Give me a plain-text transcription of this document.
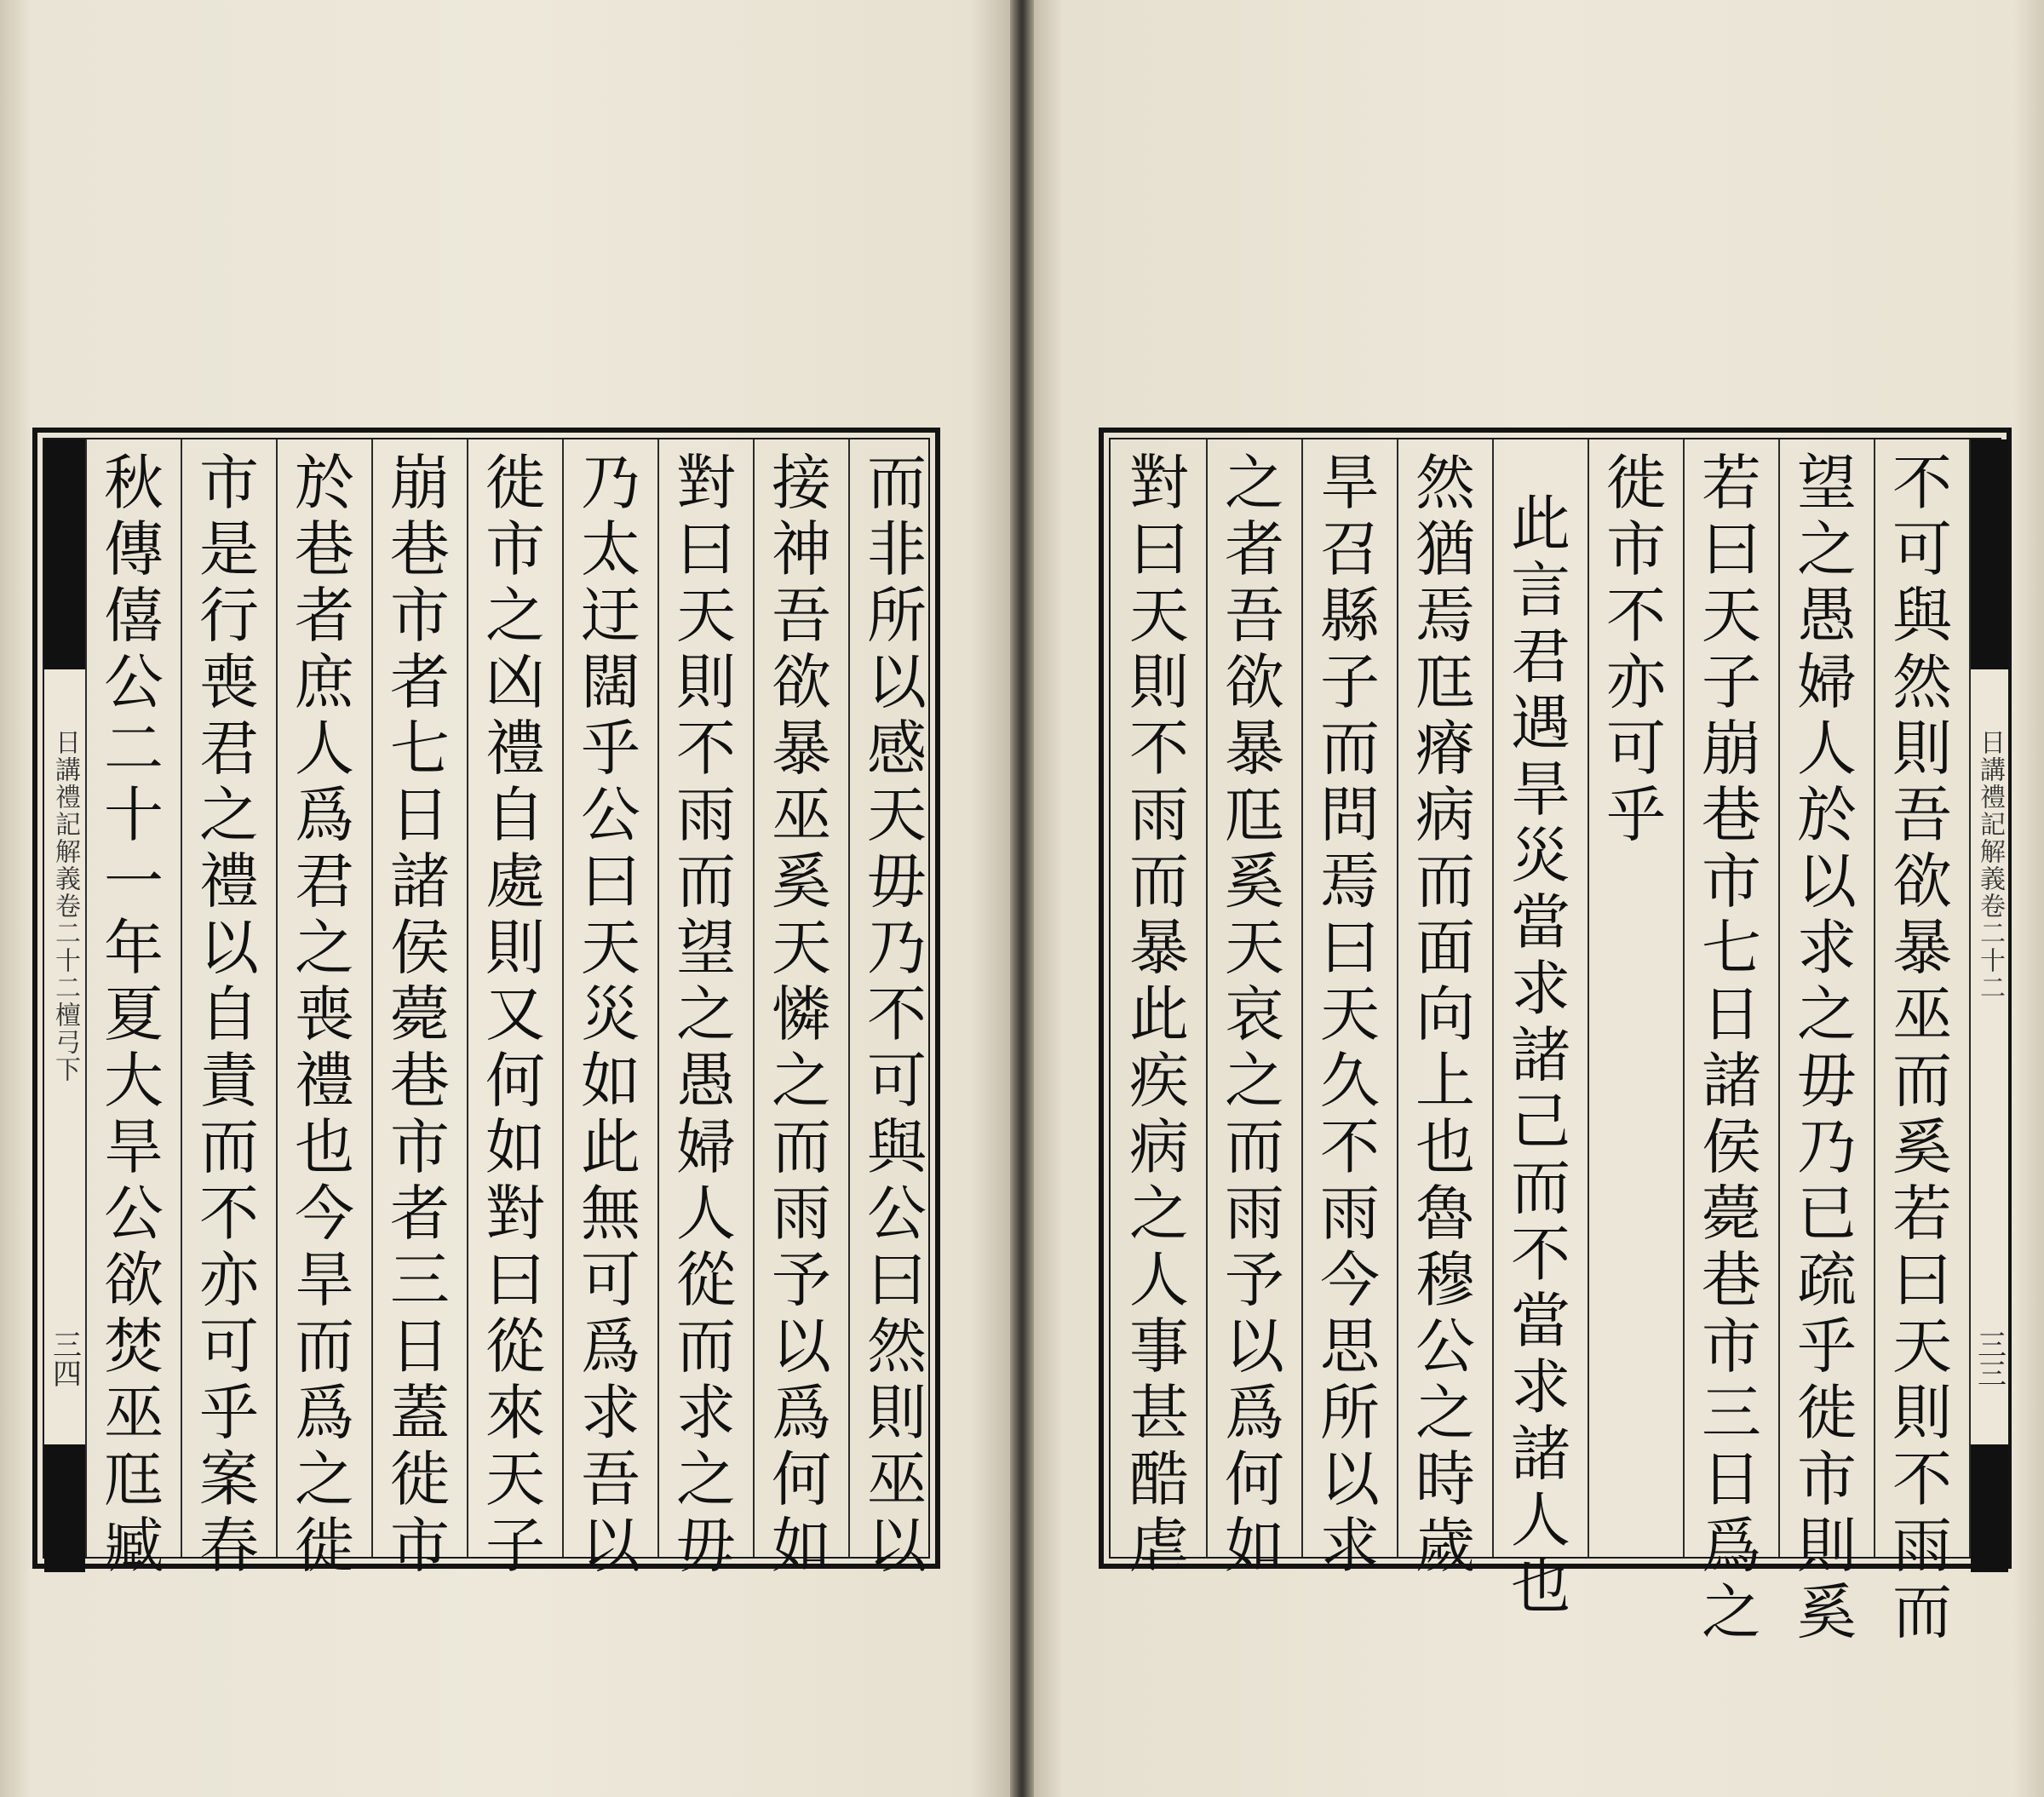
日講禮記解義卷二十二檀弓下
三四
秋
傳
僖
公
二
十
一
年
夏
大
旱
公
欲
焚
巫
尫
臧
市
是
行
喪
君
之
禮
以
自
責
而
不
亦
可
乎
案
春
於
巷
者
庶
人
爲
君
之
喪
禮
也
今
旱
而
爲
之
徙
崩
巷
市
者
七
日
諸
侯
薨
巷
市
者
三
日
蓋
徙
市
徙
市
之
凶
禮
自
處
則
又
何
如
對
曰
從
來
天
子
乃
太
迂
闊
乎
公
曰
天
災
如
此
無
可
爲
求
吾
以
對
曰
天
則
不
雨
而
望
之
愚
婦
人
從
而
求
之
毋
接
神
吾
欲
暴
巫
奚
天
憐
之
而
雨
予
以
爲
何
如
而
非
所
以
感
天
毋
乃
不
可
與
公
曰
然
則
巫
以
對
曰
天
則
不
雨
而
暴
此
疾
病
之
人
事
甚
酷
虐
之
者
吾
欲
暴
尫
奚
天
哀
之
而
雨
予
以
爲
何
如
旱
召
縣
子
而
問
焉
曰
天
久
不
雨
今
思
所
以
求
然
猶
焉
尫
瘠
病
而
面
向
上
也
魯
穆
公
之
時
歲
此
言
君
遇
旱
災
當
求
諸
己
而
不
當
求
諸
人
也
徙
市
不
亦
可
乎
若
曰
天
子
崩
巷
市
七
日
諸
侯
薨
巷
市
三
日
爲
之
望
之
愚
婦
人
於
以
求
之
毋
乃
已
疏
乎
徙
市
則
奚
不
可
與
然
則
吾
欲
暴
巫
而
奚
若
曰
天
則
不
雨
而
日講禮記解義卷二十二
三三
